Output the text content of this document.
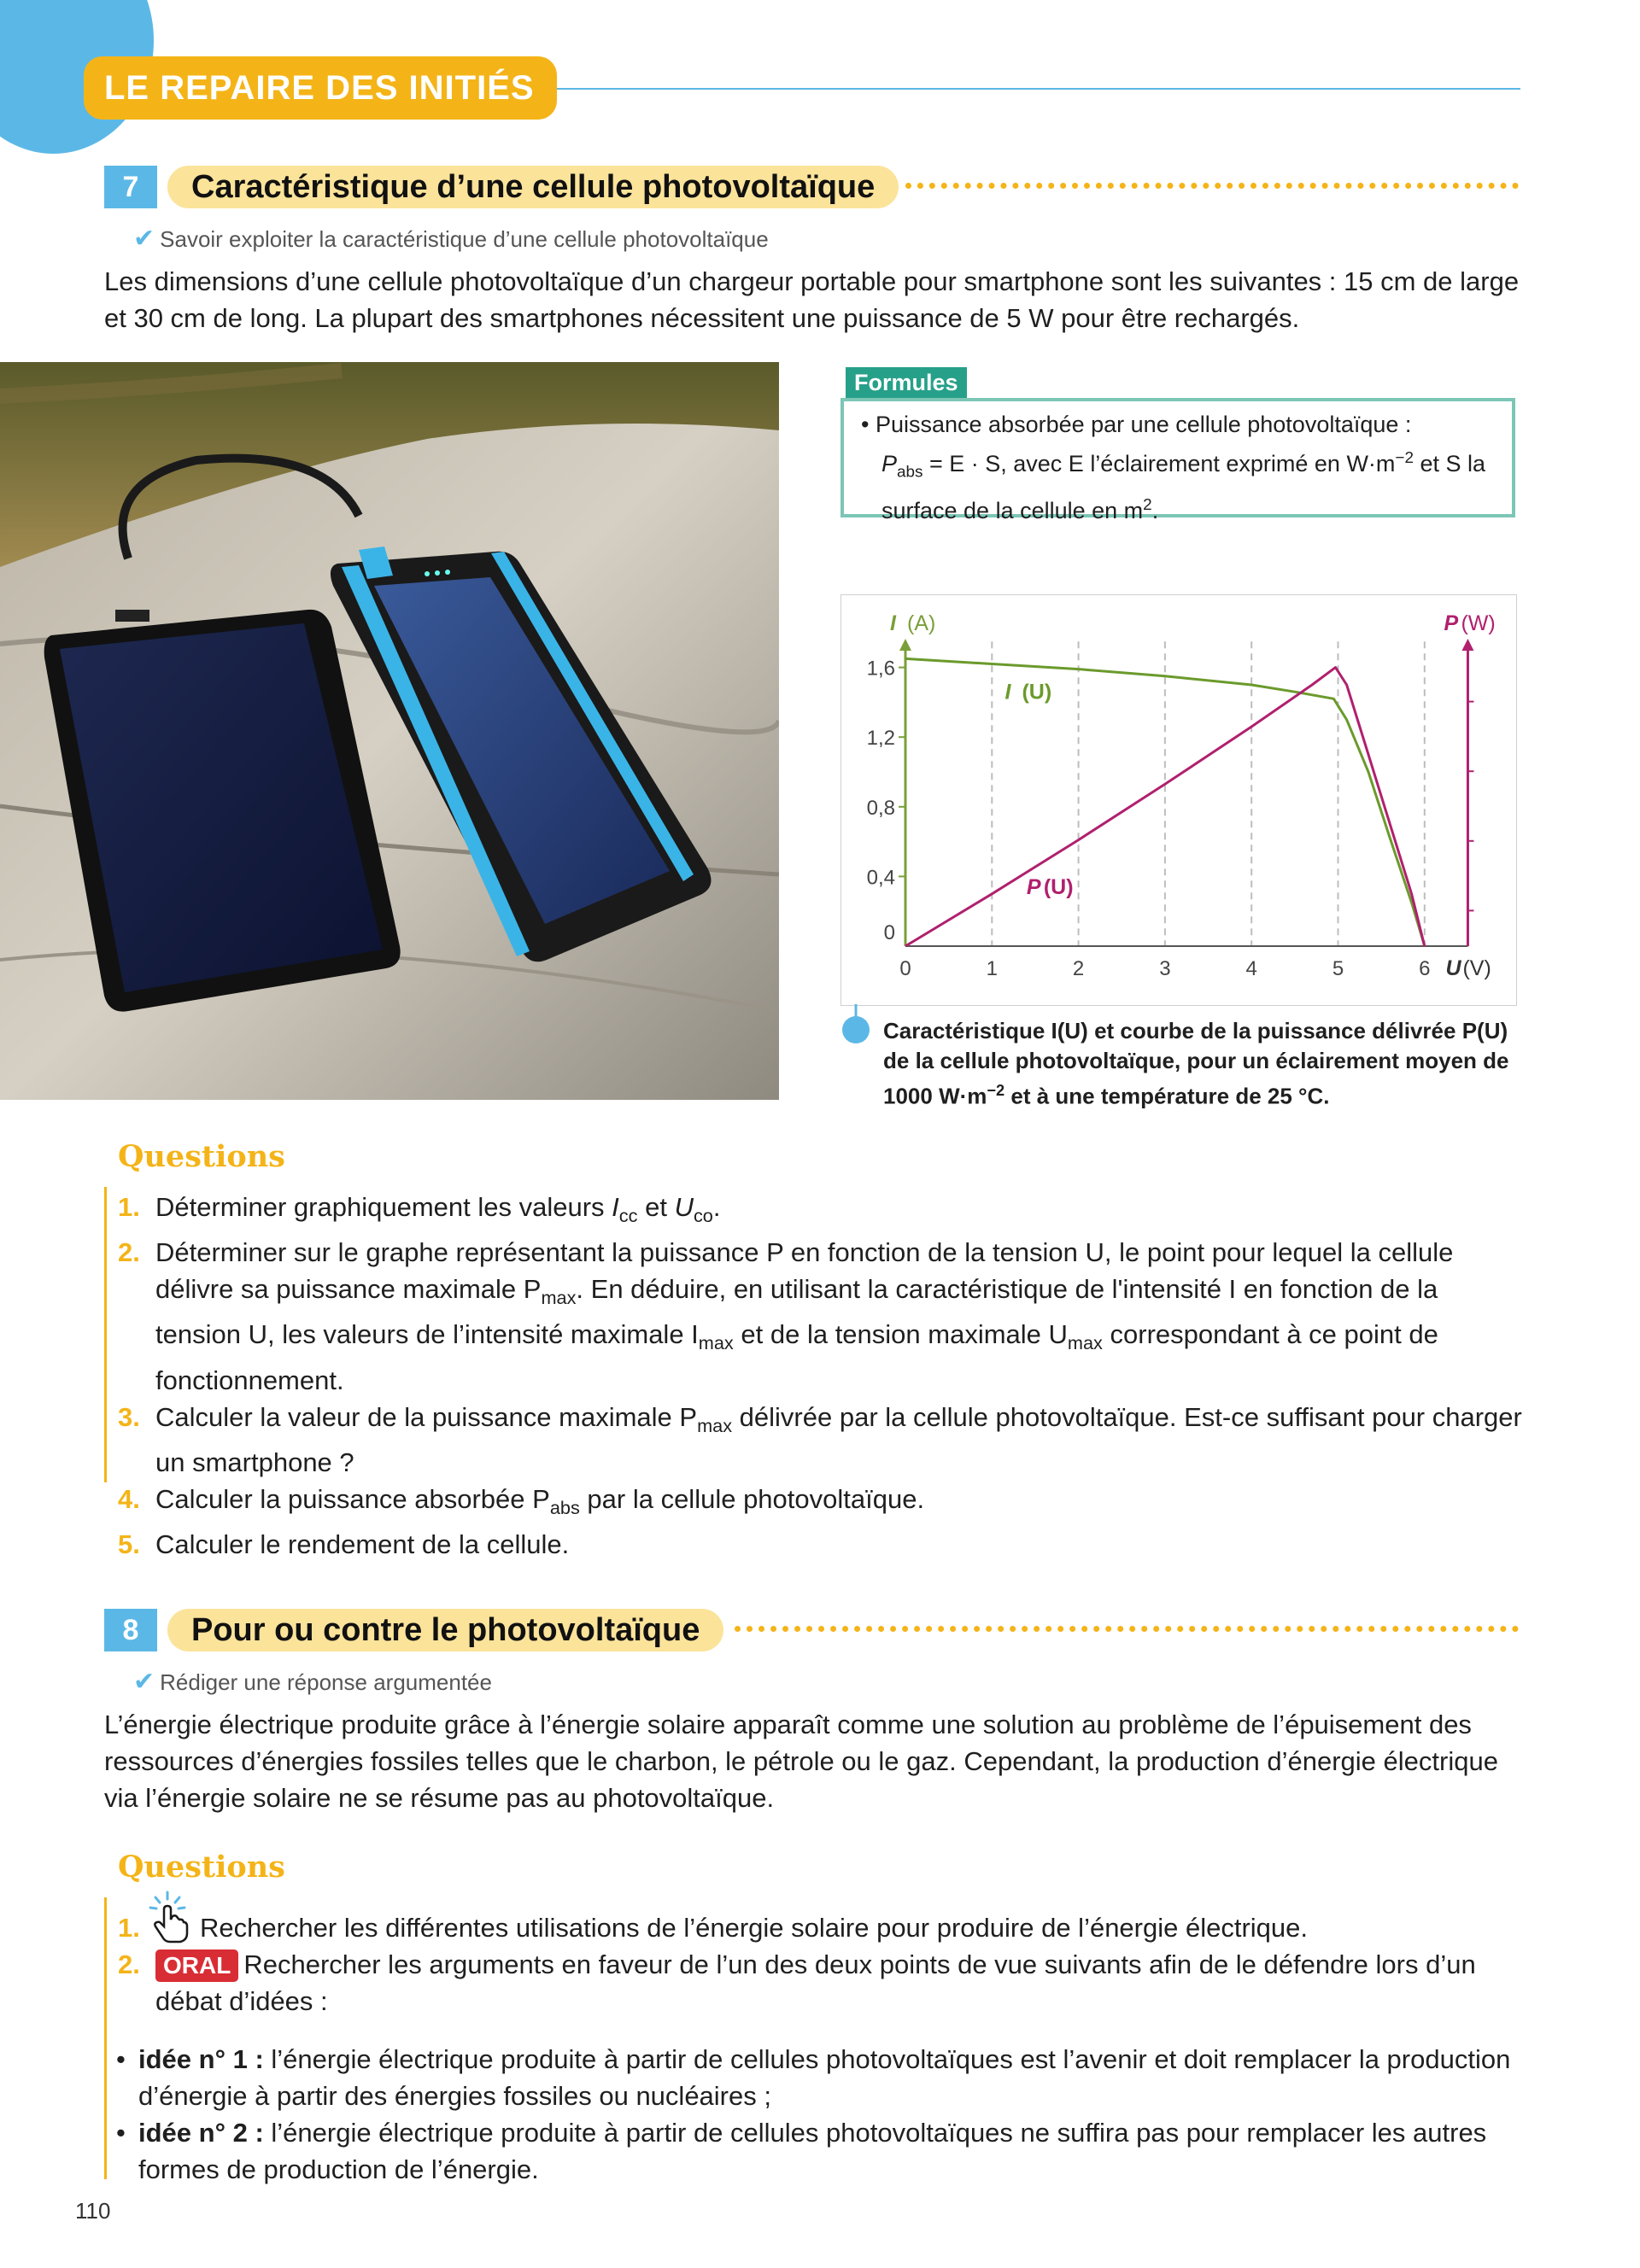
LE REPAIRE DES INITIÉS
7	Caractéristique d’une cellule photovoltaïque
✔ Savoir exploiter la caractéristique d’une cellule photovoltaïque
Les dimensions d’une cellule photovoltaïque d’un chargeur portable pour smartphone sont les suivantes : 15 cm de large et 30 cm de long. La plupart des smartphones nécessitent une puissance de 5 W pour être rechargés.
Formules
• Puissance absorbée par une cellule photovoltaïque :
$P_{abs} = E \cdot S$, avec E l’éclairement exprimé en $W\cdot m^{-2}$ et S la
surface de la cellule en $m^2$.
0
0,4
0,8
1,2
1,6
0	1	2	3	4	5	6
I (A)	P (W)
U (V)
I (U)
P (U)
Caractéristique I(U) et courbe de la puissance délivrée P(U) de la cellule photovoltaïque, pour un éclairement moyen de 1000 $W\cdot m^{-2}$ et à une température de 25 °C.
Questions
1. Déterminer graphiquement les valeurs $I_{cc}$ et $U_{co}$.
2. Déterminer sur le graphe représentant la puissance P en fonction de la tension U, le point pour lequel la cellule délivre sa puissance maximale $P_{max}$. En déduire, en utilisant la caractéristique de l'intensité I en fonction de la tension U, les valeurs de l’intensité maximale $I_{max}$ et de la tension maximale $U_{max}$ correspondant à ce point de fonctionnement.
3. Calculer la valeur de la puissance maximale $P_{max}$ délivrée par la cellule photovoltaïque. Est-ce suffisant pour charger un smartphone ?
4. Calculer la puissance absorbée $P_{abs}$ par la cellule photovoltaïque.
5. Calculer le rendement de la cellule.
8	Pour ou contre le photovoltaïque
✔ Rédiger une réponse argumentée
L’énergie électrique produite grâce à l’énergie solaire apparaît comme une solution au problème de l’épuisement des ressources d’énergies fossiles telles que le charbon, le pétrole ou le gaz. Cependant, la production d’énergie électrique via l’énergie solaire ne se résume pas au photovoltaïque.
Questions
1. Rechercher les différentes utilisations de l’énergie solaire pour produire de l’énergie électrique.
2. ORAL Rechercher les arguments en faveur de l’un des deux points de vue suivants afin de le défendre lors d’un débat d’idées :
• idée n° 1 : l’énergie électrique produite à partir de cellules photovoltaïques est l’avenir et doit remplacer la production d’énergie à partir des énergies fossiles ou nucléaires ;
• idée n° 2 : l’énergie électrique produite à partir de cellules photovoltaïques ne suffira pas pour remplacer les autres formes de production de l’énergie.
110
